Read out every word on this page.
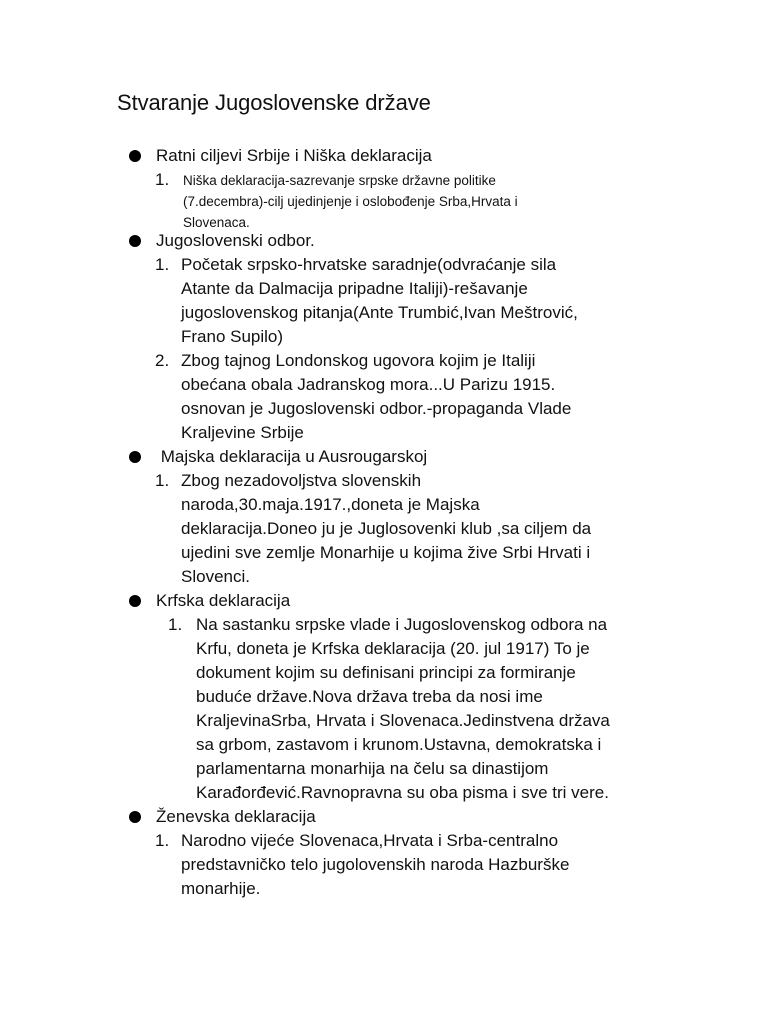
Stvaranje Jugoslovenske države
Ratni ciljevi Srbije i Niška deklaracija
1. Niška deklaracija-sazrevanje srpske državne politike
(7.decembra)-cilj ujedinjenje i oslobođenje Srba,Hrvata i
Slovenaca.
Jugoslovenski odbor.
1. Početak srpsko-hrvatske saradnje(odvraćanje sila
Atante da Dalmacija pripadne Italiji)-rešavanje
jugoslovenskog pitanja(Ante Trumbić,Ivan Meštrović,
Frano Supilo)
2. Zbog tajnog Londonskog ugovora kojim je Italiji
obećana obala Jadranskog mora...U Parizu 1915.
osnovan je Jugoslovenski odbor.-propaganda Vlade
Kraljevine Srbije
Majska deklaracija u Ausrougarskoj
1. Zbog nezadovoljstva slovenskih
naroda,30.maja.1917.,doneta je Majska
deklaracija.Doneo ju je Juglosovenki klub ,sa ciljem da
ujedini sve zemlje Monarhije u kojima žive Srbi Hrvati i
Slovenci.
Krfska deklaracija
1. Na sastanku srpske vlade i Jugoslovenskog odbora na
Krfu, doneta je Krfska deklaracija (20. jul 1917) To je
dokument kojim su definisani principi za formiranje
buduće države.Nova država treba da nosi ime
KraljevinaSrba, Hrvata i Slovenaca.Jedinstvena država
sa grbom, zastavom i krunom.Ustavna, demokratska i
parlamentarna monarhija na čelu sa dinastijom
Karađorđević.Ravnopravna su oba pisma i sve tri vere.
Ženevska deklaracija
1. Narodno vijeće Slovenaca,Hrvata i Srba-centralno
predstavničko telo jugolovenskih naroda Hazburške
monarhije.
